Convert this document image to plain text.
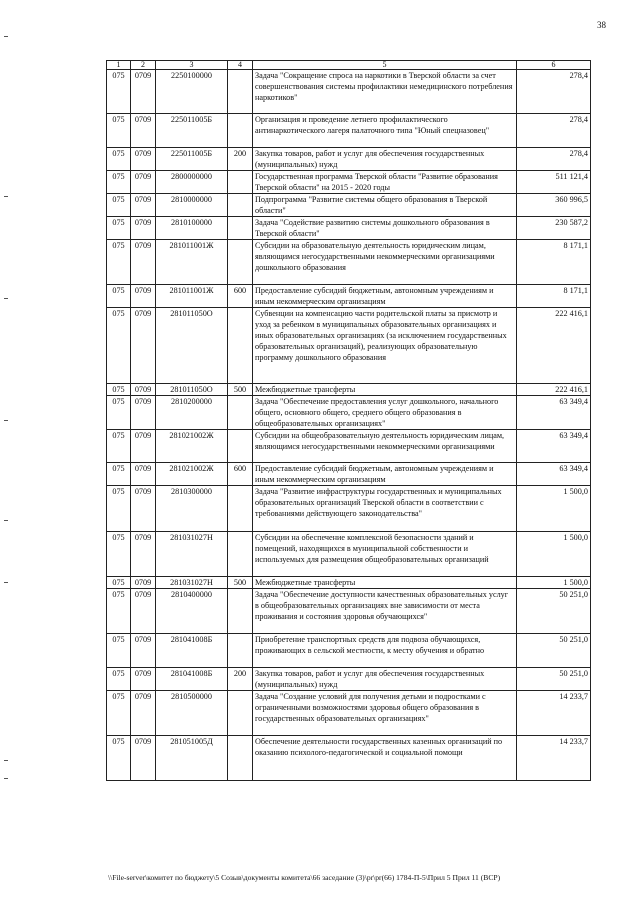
38
1	2	3	4	5	6
075	0709	2250100000		Задача "Сокращение спроса на наркотики в Тверской области за счет совершенствования системы профилактики немедицинского потребления наркотиков"	278,4
075	0709	225011005Б		Организация и проведение летнего профилактического антинаркотического лагеря палаточного типа "Юный спецназовец"	278,4
075	0709	225011005Б	200	Закупка товаров, работ и услуг для обеспечения государственных (муниципальных) нужд	278,4
075	0709	2800000000		Государственная программа Тверской области "Развитие образования Тверской области" на 2015 - 2020 годы	511 121,4
075	0709	2810000000		Подпрограмма "Развитие системы общего образования в Тверской области"	360 996,5
075	0709	2810100000		Задача "Содействие развитию системы дошкольного образования в Тверской области"	230 587,2
075	0709	281011001Ж		Субсидии на образовательную деятельность юридическим лицам, являющимся негосударственными некоммерческими организациями дошкольного образования	8 171,1
075	0709	281011001Ж	600	Предоставление субсидий бюджетным, автономным учреждениям и иным некоммерческим организациям	8 171,1
075	0709	281011050О		Субвенции на компенсацию части родительской платы за присмотр и уход за ребенком в муниципальных образовательных организациях и иных образовательных организациях (за исключением государственных образовательных организаций), реализующих образовательную программу дошкольного образования	222 416,1
075	0709	281011050О	500	Межбюджетные трансферты	222 416,1
075	0709	2810200000		Задача "Обеспечение предоставления услуг дошкольного, начального общего, основного общего, среднего общего образования в общеобразовательных организациях"	63 349,4
075	0709	281021002Ж		Субсидии на общеобразовательную деятельность юридическим лицам, являющимся негосударственными некоммерческими организациями	63 349,4
075	0709	281021002Ж	600	Предоставление субсидий бюджетным, автономным учреждениям и иным некоммерческим организациям	63 349,4
075	0709	2810300000		Задача "Развитие инфраструктуры государственных и муниципальных образовательных организаций Тверской области в соответствии с требованиями действующего законодательства"	1 500,0
075	0709	281031027Н		Субсидии на обеспечение комплексной безопасности зданий и помещений, находящихся в муниципальной собственности и используемых для размещения общеобразовательных организаций	1 500,0
075	0709	281031027Н	500	Межбюджетные трансферты	1 500,0
075	0709	2810400000		Задача "Обеспечение доступности качественных образовательных услуг в общеобразовательных организациях вне зависимости от места проживания и состояния здоровья обучающихся"	50 251,0
075	0709	281041008Б		Приобретение транспортных средств для подвоза обучающихся, проживающих в сельской местности, к месту обучения и обратно	50 251,0
075	0709	281041008Б	200	Закупка товаров, работ и услуг для обеспечения государственных (муниципальных) нужд	50 251,0
075	0709	2810500000		Задача "Создание условий для получения детьми и подростками с ограниченными возможностями здоровья общего образования в государственных образовательных организациях"	14 233,7
075	0709	281051005Д		Обеспечение деятельности государственных казенных организаций по оказанию психолого-педагогической и социальной помощи	14 233,7
\\File-server\комитет по бюджету\5 Созыв\документы комитета\66 заседание (3)\pr\pr(66) 1784-П-5\Прил 5 Прил 11 (ВСР)
